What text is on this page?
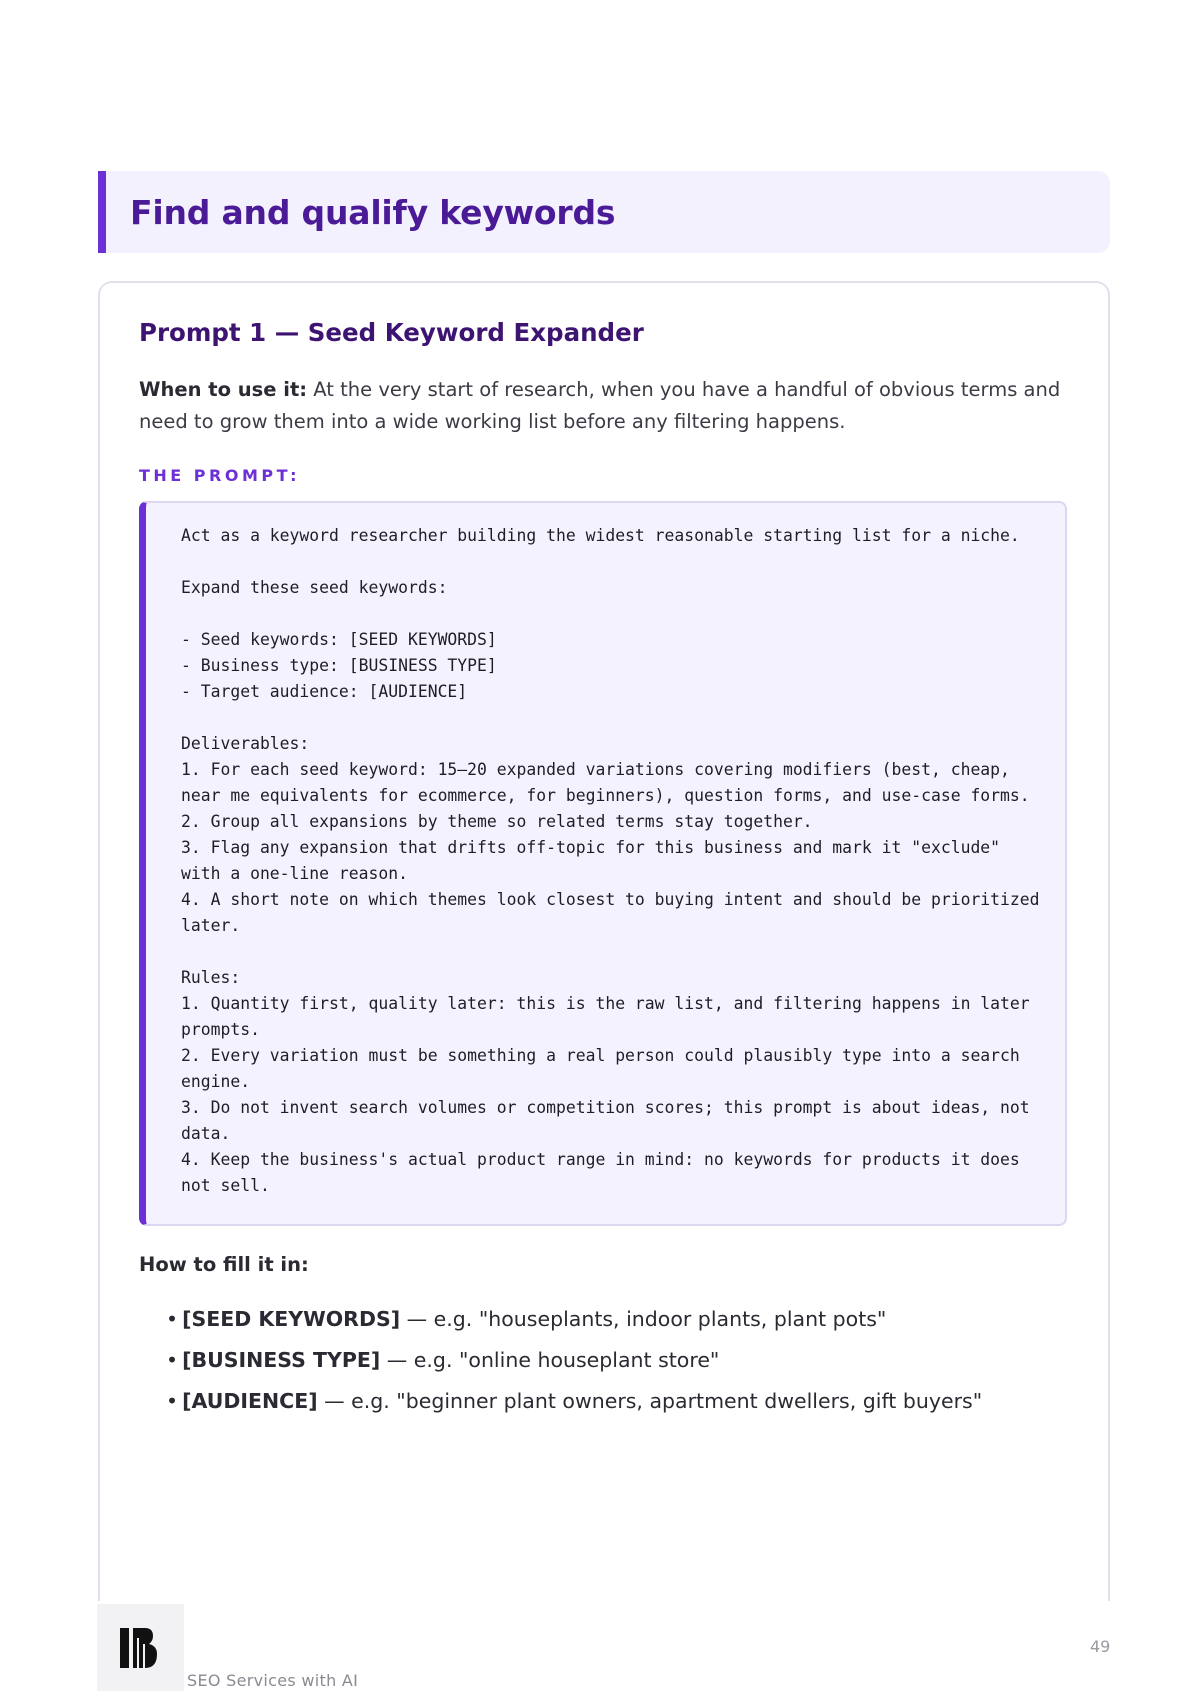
Find and qualify keywords
Prompt 1 — Seed Keyword Expander

When to use it: At the very start of research, when you have a handful of obvious terms and need to grow them into a wide working list before any filtering happens.

THE PROMPT:
Act as a keyword researcher building the widest reasonable starting list for a niche.

Expand these seed keywords:

- Seed keywords: [SEED KEYWORDS]
- Business type: [BUSINESS TYPE]
- Target audience: [AUDIENCE]

Deliverables:
1. For each seed keyword: 15–20 expanded variations covering modifiers (best, cheap,
near me equivalents for ecommerce, for beginners), question forms, and use-case forms.
2. Group all expansions by theme so related terms stay together.
3. Flag any expansion that drifts off-topic for this business and mark it "exclude"
with a one-line reason.
4. A short note on which themes look closest to buying intent and should be prioritized
later.

Rules:
1. Quantity first, quality later: this is the raw list, and filtering happens in later
prompts.
2. Every variation must be something a real person could plausibly type into a search
engine.
3. Do not invent search volumes or competition scores; this prompt is about ideas, not
data.
4. Keep the business's actual product range in mind: no keywords for products it does
not sell.
How to fill it in:
• [SEED KEYWORDS] — e.g. "houseplants, indoor plants, plant pots"
• [BUSINESS TYPE] — e.g. "online houseplant store"
• [AUDIENCE] — e.g. "beginner plant owners, apartment dwellers, gift buyers"
SEO Services with AI
49
